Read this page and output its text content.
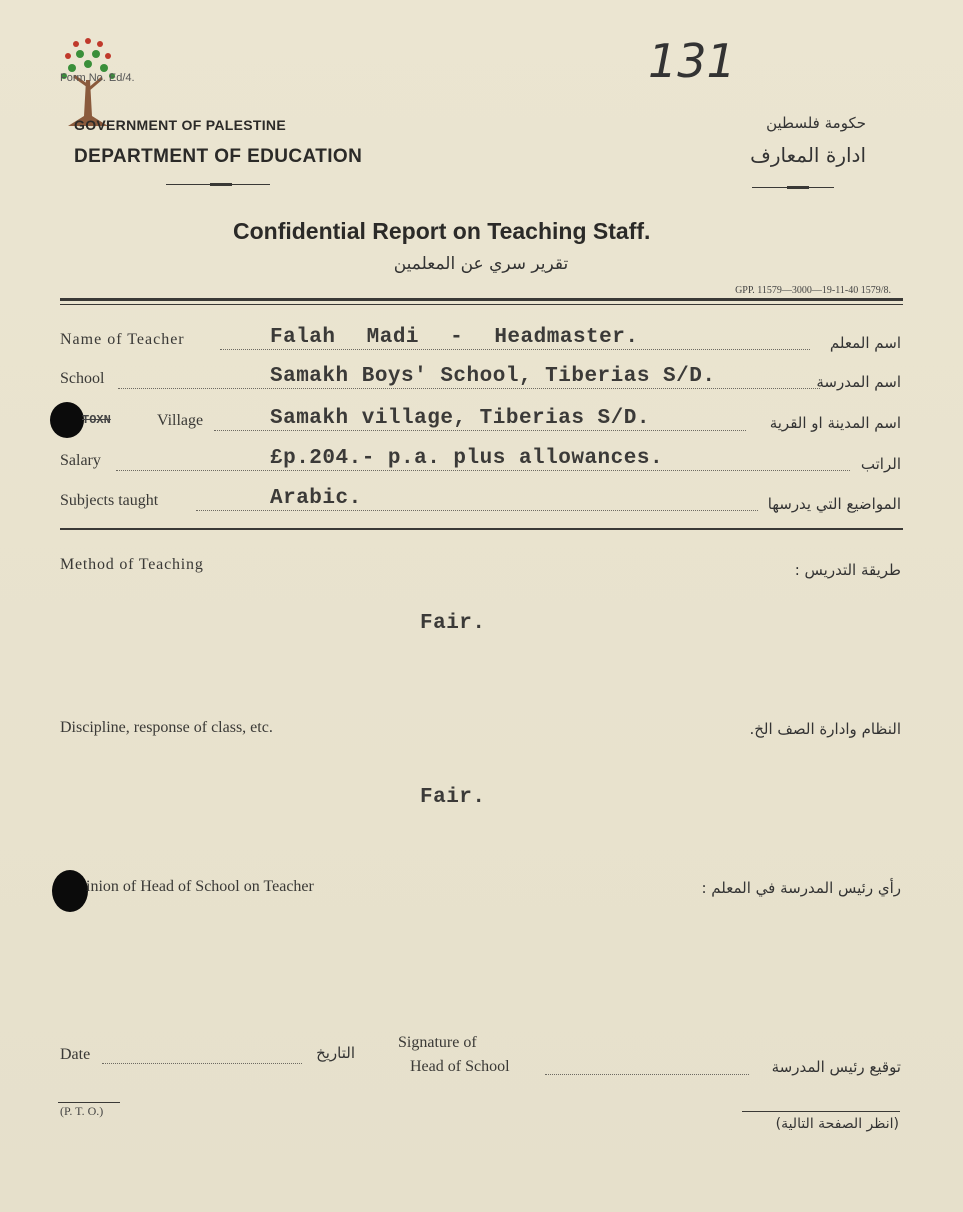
Form No. Ed/4.
GOVERNMENT OF PALESTINE
DEPARTMENT OF EDUCATION
131
حكومة فلسطين
ادارة المعارف
Confidential Report on Teaching Staff.
تقرير سري عن المعلمين
GPP. 11579—3000—19-11-40 1579/8.
Name of Teacher	Falah Madi - Headmaster.	اسم المعلم
School	Samakh Boys' School, Tiberias S/D.	اسم المدرسة
TOXN	Village	Samakh village, Tiberias S/D.	اسم المدينة او القرية
Salary	£p.204.- p.a. plus allowances.	الراتب
Subjects taught	Arabic.	المواضيع التي يدرسها
Method of Teaching	طريقة التدريس :
Fair.
Discipline, response of class, etc.	النظام وادارة الصف الخ.
Fair.
inion of Head of School on Teacher	رأي رئيس المدرسة في المعلم :
Date	التاريخ
Signature of
Head of School	توقيع رئيس المدرسة
(P. T. O.)
(انظر الصفحة التالية)
